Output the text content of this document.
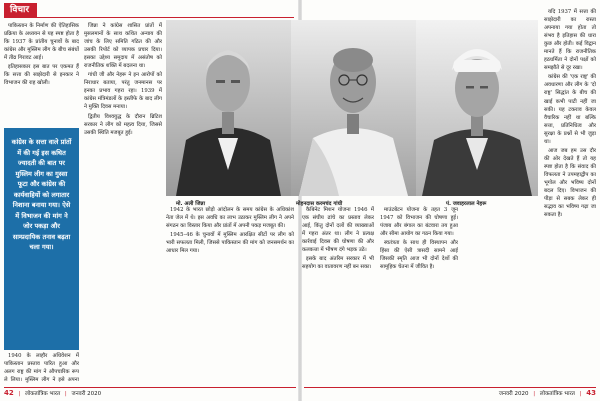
विचार

पाकिस्तान के निर्माण की ऐतिहासिक प्रक्रिया के अध्ययन से यह स्पष्ट होता है कि 1937 के प्रांतीय चुनावों के बाद कांग्रेस और मुस्लिम लीग के बीच संबंधों में तीव्र गिरावट आई।

इतिहासकार इस बात पर एकमत हैं कि सत्ता की साझेदारी से इनकार ने विभाजन की राह खोली।

कांग्रेस के सत्ता वाले प्रांतों में की गई इस कथित ज्यादती की बात पर मुस्लिम लीग का गुस्सा फूटा और कांग्रेस की कार्यवाहियों को लगातार निशाना बनाया गया। ऐसे में विभाजन की मांग ने जोर पकड़ा और साम्प्रदायिक तनाव बढ़ता चला गया।

1940 के लाहौर अधिवेशन में पाकिस्तान प्रस्ताव पारित हुआ और अलग राष्ट्र की मांग ने औपचारिक रूप ले लिया। मुस्लिम लीग ने इसे अपना

जिन्ना ने कांग्रेस शासित प्रांतों में मुसलमानों के साथ कथित अन्याय की जांच के लिए समिति गठित की और उसकी रिपोर्ट को व्यापक प्रचार दिया। इसका उद्देश्य समुदाय में असंतोष को राजनीतिक शक्ति में बदलना था।

गांधी जी और नेहरू ने इन आरोपों को निराधार बताया, परंतु जनमानस पर इनका प्रभाव गहरा रहा। 1939 में कांग्रेस मंत्रिमंडलों के इस्तीफे के बाद लीग ने मुक्ति दिवस मनाया।

द्वितीय विश्वयुद्ध के दौरान ब्रिटिश सरकार ने लीग को महत्व दिया, जिससे उसकी स्थिति मजबूत हुई।

1942 के भारत छोड़ो आंदोलन के समय कांग्रेस के अधिकांश नेता जेल में थे। इस अवधि का लाभ उठाकर मुस्लिम लीग ने अपने संगठन का विस्तार किया और प्रांतों में अपनी पकड़ मजबूत की।

1945–46 के चुनावों में मुस्लिम आरक्षित सीटों पर लीग को भारी सफलता मिली, जिससे पाकिस्तान की मांग को जनसमर्थन का आधार मिल गया।

42 | लोकतांत्रिक भारत | जनवरी 2020

कैबिनेट मिशन योजना 1946 में एक संघीय ढांचे का प्रस्ताव लेकर आई, किंतु दोनों दलों की व्याख्याओं में गहरा अंतर था। लीग ने प्रत्यक्ष कार्रवाई दिवस की घोषणा की और कलकत्ता में भीषण दंगे भड़क उठे।

इसके बाद अंतरिम सरकार में भी सहयोग का वातावरण नहीं बन सका।

माउंटबेटन योजना के तहत 3 जून 1947 को विभाजन की घोषणा हुई। पंजाब और बंगाल का बंटवारा तय हुआ और सीमा आयोग का गठन किया गया।

स्वतंत्रता के साथ ही विस्थापन और हिंसा की ऐसी त्रासदी सामने आई जिसकी स्मृति आज भी दोनों देशों की सामूहिक चेतना में जीवित है।

यदि 1937 में सत्ता की साझेदारी का रास्ता अपनाया गया होता तो संभव है इतिहास की धारा कुछ और होती। कई विद्वान मानते हैं कि राजनीतिक हठधर्मिता ने दोनों पक्षों को समझौते से दूर रखा।

कांग्रेस की 'एक राष्ट्र' की अवधारणा और लीग के 'दो राष्ट्र' सिद्धांत के बीच की खाई कभी पाटी नहीं जा सकी। यह टकराव केवल वैचारिक नहीं था बल्कि सत्ता, प्रतिनिधित्व और सुरक्षा के प्रश्नों से भी जुड़ा था।

आज जब हम उस दौर की ओर देखते हैं तो यह स्पष्ट होता है कि संवाद की विफलता ने उपमहाद्वीप का भूगोल और भविष्य दोनों बदल दिए। विभाजन की पीड़ा से सबक लेकर ही सद्भाव का भविष्य गढ़ा जा सकता है।

जनवरी 2020 | लोकतांत्रिक भारत | 43
मो. अली जिन्ना	मोहनदास करमचंद गांधी	पं. जवाहरलाल नेहरू
